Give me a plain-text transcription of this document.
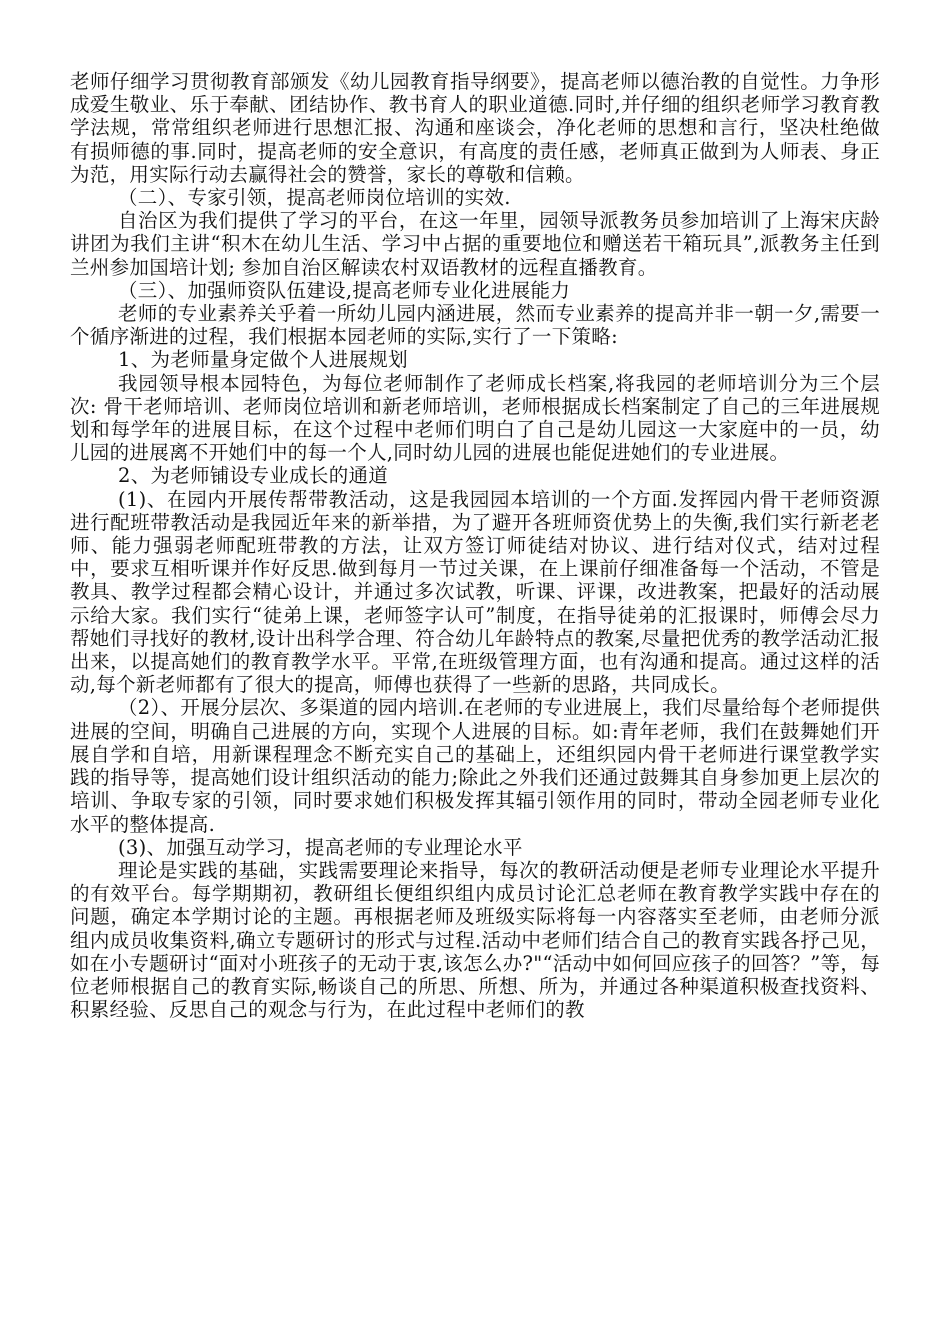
老师仔细学习贯彻教育部颁发《幼儿园教育指导纲要》，提高老师以德治教的自觉性。力争形成爱生敬业、乐于奉献、团结协作、教书育人的职业道德.同时,并仔细的组织老师学习教育教学法规，常常组织老师进行思想汇报、沟通和座谈会，净化老师的思想和言行，坚决杜绝做有损师德的事.同时，提高老师的安全意识，有高度的责任感，老师真正做到为人师表、身正为范，用实际行动去赢得社会的赞誉，家长的尊敬和信赖。

（二）、专家引领，提高老师岗位培训的实效.

自治区为我们提供了学习的平台，在这一年里，园领导派教务员参加培训了上海宋庆龄讲团为我们主讲“积木在幼儿生活、学习中占据的重要地位和赠送若干箱玩具”,派教务主任到兰州参加国培计划; 参加自治区解读农村双语教材的远程直播教育。

（三）、加强师资队伍建设,提高老师专业化进展能力

老师的专业素养关乎着一所幼儿园内涵进展，然而专业素养的提高并非一朝一夕,需要一个循序渐进的过程，我们根据本园老师的实际,实行了一下策略:

1、为老师量身定做个人进展规划

我园领导根本园特色，为每位老师制作了老师成长档案,将我园的老师培训分为三个层次: 骨干老师培训、老师岗位培训和新老师培训，老师根据成长档案制定了自己的三年进展规划和每学年的进展目标，在这个过程中老师们明白了自己是幼儿园这一大家庭中的一员，幼儿园的进展离不开她们中的每一个人,同时幼儿园的进展也能促进她们的专业进展。

2、为老师铺设专业成长的通道

(1)、在园内开展传帮带教活动，这是我园园本培训的一个方面.发挥园内骨干老师资源进行配班带教活动是我园近年来的新举措，为了避开各班师资优势上的失衡,我们实行新老老师、能力强弱老师配班带教的方法，让双方签订师徒结对协议、进行结对仪式，结对过程中，要求互相听课并作好反思.做到每月一节过关课，在上课前仔细准备每一个活动，不管是教具、教学过程都会精心设计，并通过多次试教，听课、评课，改进教案，把最好的活动展示给大家。我们实行“徒弟上课，老师签字认可”制度，在指导徒弟的汇报课时，师傅会尽力帮她们寻找好的教材,设计出科学合理、符合幼儿年龄特点的教案,尽量把优秀的教学活动汇报出来，以提高她们的教育教学水平。平常,在班级管理方面，也有沟通和提高。通过这样的活动,每个新老师都有了很大的提高，师傅也获得了一些新的思路，共同成长。

（2）、开展分层次、多渠道的园内培训.在老师的专业进展上，我们尽量给每个老师提供进展的空间，明确自己进展的方向，实现个人进展的目标。如:青年老师，我们在鼓舞她们开展自学和自培，用新课程理念不断充实自己的基础上，还组织园内骨干老师进行课堂教学实践的指导等，提高她们设计组织活动的能力;除此之外我们还通过鼓舞其自身参加更上层次的培训、争取专家的引领，同时要求她们积极发挥其辐引领作用的同时，带动全园老师专业化水平的整体提高.

(3)、加强互动学习，提高老师的专业理论水平

理论是实践的基础，实践需要理论来指导，每次的教研活动便是老师专业理论水平提升的有效平台。每学期期初，教研组长便组织组内成员讨论汇总老师在教育教学实践中存在的问题，确定本学期讨论的主题。再根据老师及班级实际将每一内容落实至老师，由老师分派组内成员收集资料,确立专题研讨的形式与过程.活动中老师们结合自己的教育实践各抒己见，如在小专题研讨“面对小班孩子的无动于衷,该怎么办?"“活动中如何回应孩子的回答？”等，每位老师根据自己的教育实际,畅谈自己的所思、所想、所为，并通过各种渠道积极查找资料、积累经验、反思自己的观念与行为，在此过程中老师们的教
